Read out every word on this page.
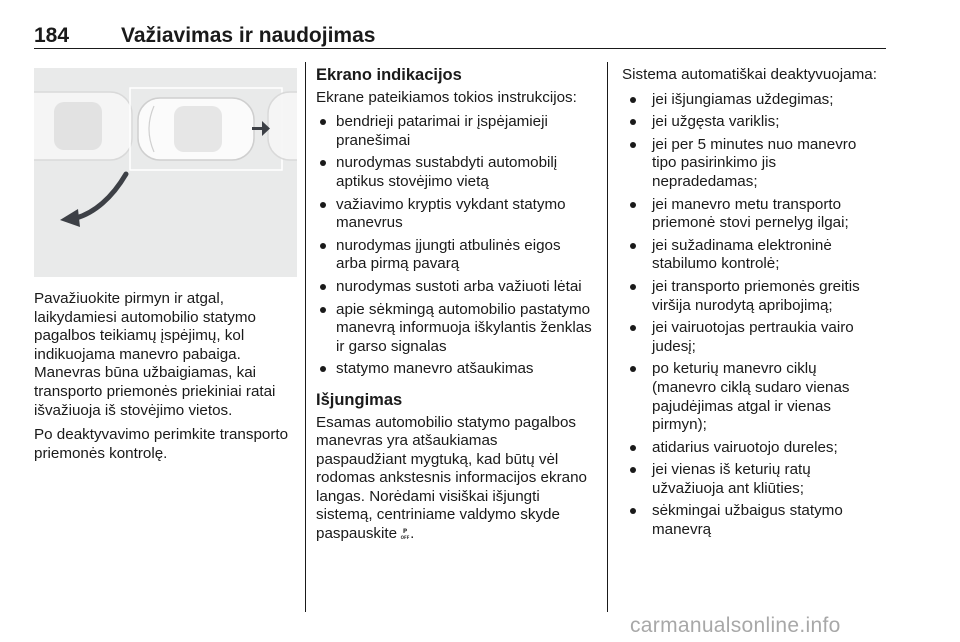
184 Važiavimas ir naudojimas

Pavažiuokite pirmyn ir atgal, laikydamiesi automobilio statymo pagalbos teikiamų įspėjimų, kol indikuojama manevro pabaiga. Manevras būna užbaigiamas, kai transporto priemonės priekiniai ratai išvažiuoja iš stovėjimo vietos.

Po deaktyvavimo perimkite transporto priemonės kontrolę.

Ekrano indikacijos

Ekrane pateikiamos tokios instrukcijos:

bendrieji patarimai ir įspėjamieji pranešimai
nurodymas sustabdyti automobilį aptikus stovėjimo vietą
važiavimo kryptis vykdant statymo manevrus
nurodymas įjungti atbulinės eigos arba pirmą pavarą
nurodymas sustoti arba važiuoti lėtai
apie sėkmingą automobilio pastatymo manevrą informuoja iškylantis ženklas ir garso signalas
statymo manevro atšaukimas
Išjungimas

Esamas automobilio statymo pagalbos manevras yra atšaukiamas paspaudžiant mygtuką, kad būtų vėl rodomas ankstesnis informacijos ekrano langas. Norėdami visiškai išjungti sistemą, centriniame valdymo skyde paspauskite P
OFF .

Sistema automatiškai deaktyvuojama:

jei išjungiamas uždegimas;
jei užgęsta variklis;
jei per 5 minutes nuo manevro tipo pasirinkimo jis nepradedamas;
jei manevro metu transporto priemonė stovi pernelyg ilgai;
jei sužadinama elektroninė stabilumo kontrolė;
jei transporto priemonės greitis viršija nurodytą apribojimą;
jei vairuotojas pertraukia vairo judesį;
po keturių manevro ciklų (manevro ciklą sudaro vienas pajudėjimas atgal ir vienas pirmyn);
atidarius vairuotojo dureles;
jei vienas iš keturių ratų užvažiuoja ant kliūties;
sėkmingai užbaigus statymo manevrą
carmanualsonline.info
